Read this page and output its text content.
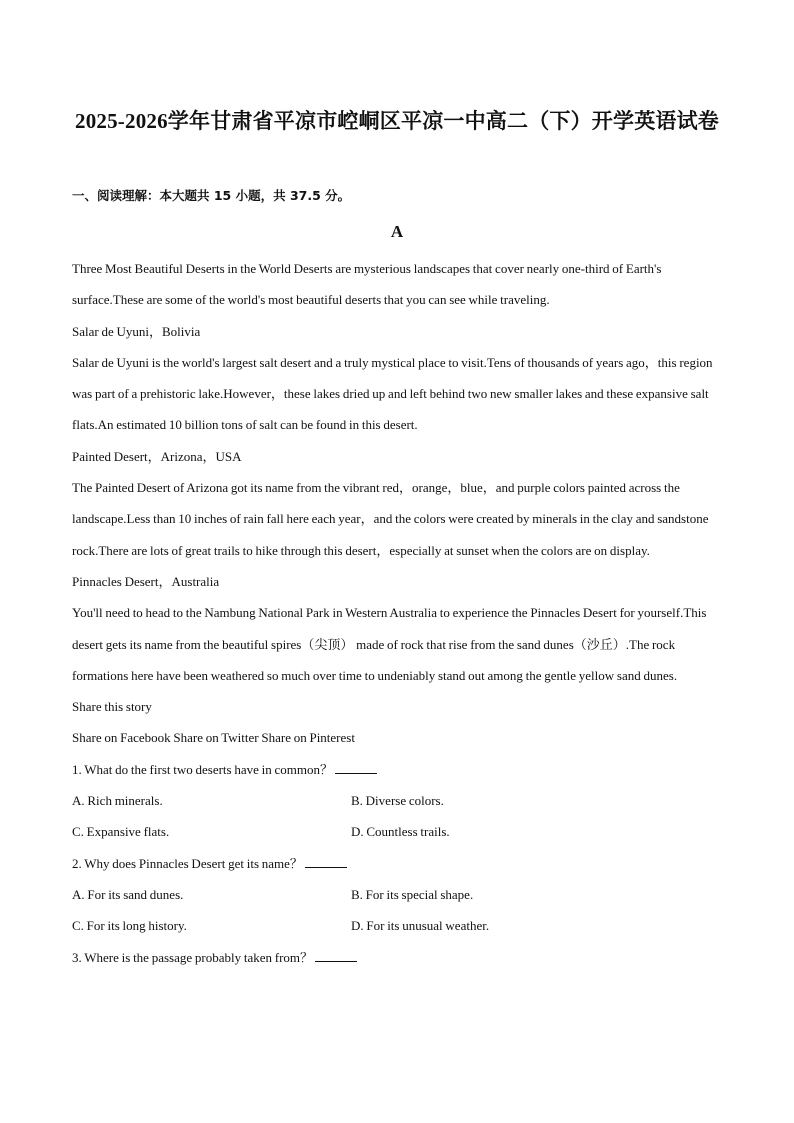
2025-2026学年甘肃省平凉市崆峒区平凉一中高二（下）开学英语试卷
一、阅读理解：本大题共 15 小题，共 37.5 分。
A

Three Most Beautiful Deserts in the World Deserts are mysterious landscapes that cover nearly one-third of Earth's surface.These are some of the world's most beautiful deserts that you can see while traveling.

Salar de Uyuni，Bolivia

Salar de Uyuni is the world's largest salt desert and a truly mystical place to visit.Tens of thousands of years ago，this region was part of a prehistoric lake.However，these lakes dried up and left behind two new smaller lakes and these expansive salt flats.An estimated 10 billion tons of salt can be found in this desert.

Painted Desert，Arizona，USA

The Painted Desert of Arizona got its name from the vibrant red，orange，blue，and purple colors painted across the landscape.Less than 10 inches of rain fall here each year，and the colors were created by minerals in the clay and sandstone rock.There are lots of great trails to hike through this desert，especially at sunset when the colors are on display.

Pinnacles Desert，Australia

You'll need to head to the Nambung National Park in Western Australia to experience the Pinnacles Desert for yourself.This desert gets its name from the beautiful spires（尖顶） made of rock that rise from the sand dunes（沙丘）.The rock formations here have been weathered so much over time to undeniably stand out among the gentle yellow sand dunes.

Share this story

Share on Facebook Share on Twitter Share on Pinterest

1. What do the first two deserts have in common？

A. Rich minerals.	B. Diverse colors.
C. Expansive flats.	D. Countless trails.

2. Why does Pinnacles Desert get its name？

A. For its sand dunes.	B. For its special shape.
C. For its long history.	D. For its unusual weather.

3. Where is the passage probably taken from？
